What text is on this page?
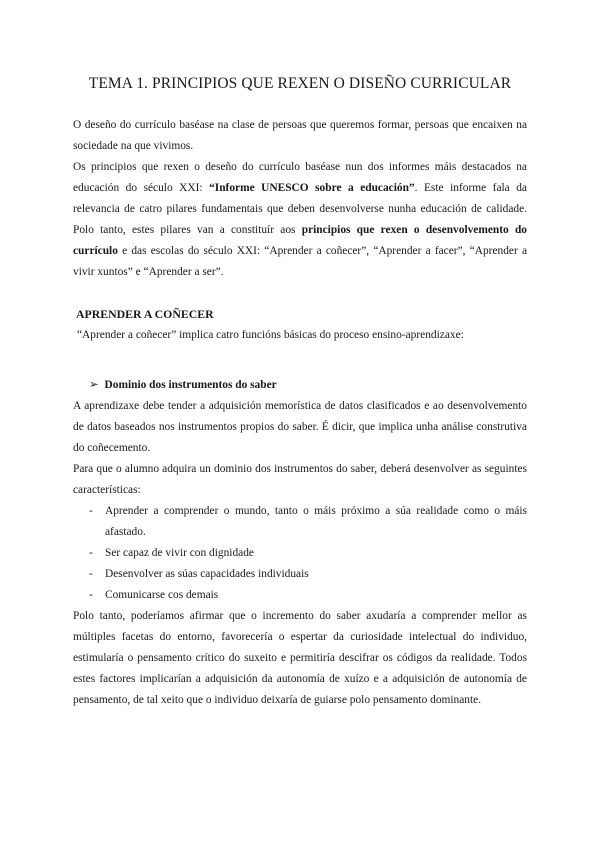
TEMA 1. PRINCIPIOS QUE REXEN O DISEÑO CURRICULAR

O deseño do currículo baséase na clase de persoas que queremos formar, persoas que encaixen na sociedade na que vivimos.

Os principios que rexen o deseño do currículo baséase nun dos informes máis destacados na educación do século XXI: “Informe UNESCO sobre a educación”. Este informe fala da relevancia de catro pilares fundamentais que deben desenvolverse nunha educación de calidade. Polo tanto, estes pilares van a constituír aos principios que rexen o desenvolvemento do currículo e das escolas do século XXI: “Aprender a coñecer”, “Aprender a facer”, “Aprender a vivir xuntos” e “Aprender a ser”.

APRENDER A COÑECER

“Aprender a coñecer” implica catro funcións básicas do proceso ensino-aprendizaxe:

➢ Dominio dos instrumentos do saber

A aprendizaxe debe tender a adquisición memorística de datos clasificados e ao desenvolvemento de datos baseados nos instrumentos propios do saber. É dicir, que implica unha análise construtiva do coñecemento.

Para que o alumno adquira un dominio dos instrumentos do saber, deberá desenvolver as seguintes características:

- Aprender a comprender o mundo, tanto o máis próximo a súa realidade como o máis afastado.
- Ser capaz de vivir con dignidade
- Desenvolver as súas capacidades individuais
- Comunicarse cos demais

Polo tanto, poderíamos afirmar que o incremento do saber axudaría a comprender mellor as múltiples facetas do entorno, favorecería o espertar da curiosidade intelectual do individuo, estimularía o pensamento crítico do suxeito e permitiría descifrar os códigos da realidade. Todos estes factores implicarían a adquisición da autonomía de xuízo e a adquisición de autonomía de pensamento, de tal xeito que o individuo deixaría de guiarse polo pensamento dominante.
